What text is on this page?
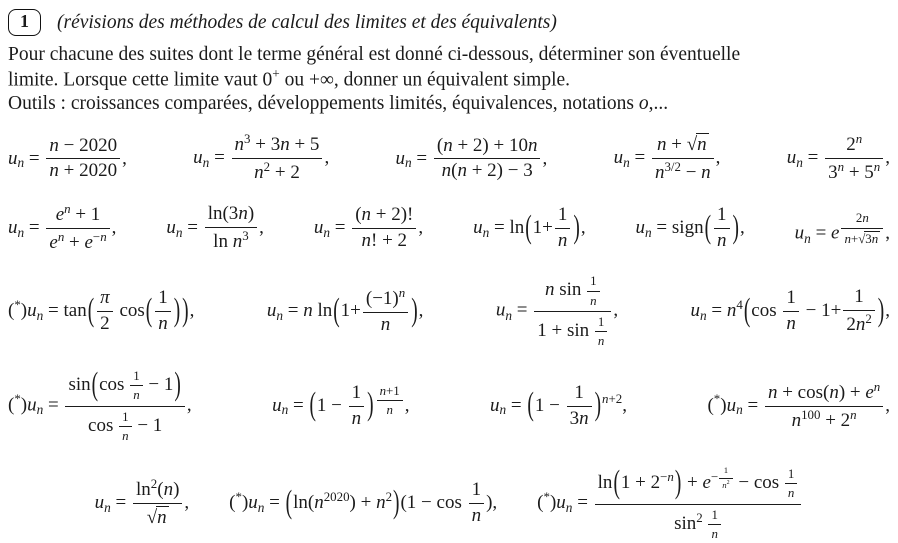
1	(révisions des méthodes de calcul des limites et des équivalents)
Pour chacune des suites dont le terme général est donné ci-dessous, déterminer son éventuelle
limite. Lorsque cette limite vaut 0+ ou +∞, donner un équivalent simple.
Outils : croissances comparées, développements limités, équivalences, notations o,...
un = $\frac{n - 2020}{n + 2020}$ ,	un = $\frac{n3 + 3n + 5}{n2 + 2}$ ,	un = $\frac{(n + 2) + 10n}{n(n + 2) - 3}$ ,	un = $\frac{n + √n}{n3/2 - n}$ ,	un = $\frac{2n}{3n + 5n}$ ,
un = $\frac{en + 1}{en + e-n}$ ,	un = $\frac{\ln(3n)}{\text{ln n3}}$ ,	un = $\frac{(n + 2)!}{n! + 2}$ ,	un = $\ln(1+ \frac{1}{n}$ ),	un = sign( $\frac{1}{n}$ ),	un = e $\frac{2n}{n+√3n}$ ,
$(*)un = \tan( \frac{\pi}{2} \cos( \frac{1}{n}$ ) ),	un = n $\ln(1+ \frac{(-1)n}{n}$ ),	un = $\frac{n \sin \frac{1}{n}}{1 + \sin \frac{1}{n}}$ ,	un = $n4(\cos \frac{1}{n} - 1+ \frac{1}{2n2}$ ),
$(*)un = \frac{\sin(\cos \frac{1}{n} - 1)}{\cos \frac{1}{n} - 1}$ ,	un = ($1 - \frac{1}{n}$ ) $\frac{n+1}{n}$ ,	un = $(1 - \frac{1}{3n} )n+2$,	$(*)un = \frac{n + \cos(n) + en}{n100 + 2n}$ ,
un = $\frac{\ln 2(n)}{√n}$ , $(*)un = (\ln(n2020) + n2)(1 - \cos \frac{1}{n}$ ), $(*)un = \frac{\ln(1 + 2-n) + e- \frac{1}{n2} - \cos \frac{1}{n}}{\sin 2 \frac{1}{n}}$
